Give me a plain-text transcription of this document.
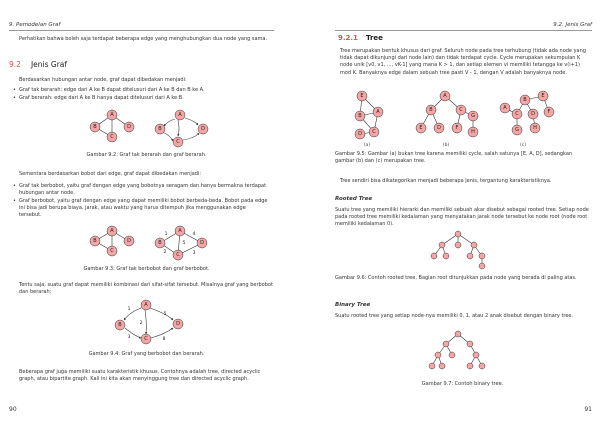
9. Pemodelan Graf
Perhatikan bahwa boleh saja terdapat beberapa edge yang menghubungkan dua node yang sama.
9.2 Jenis Graf
Berdasarkan hubungan antar node, graf dapat dibedakan menjadi:
• Graf tak berarah: edge dari A ke B dapat ditelusuri dari A ke B dan B ke A.
• Graf berarah: edge dari A ke B hanya dapat ditelusuri dari A ke B.
A
B
C
D
A
B
C
D
Gambar 9.2: Graf tak berarah dan graf berarah.
Sementara berdasarkan bobot dari edge, graf dapat dibedakan menjadi:
• Graf tak berbobot, yaitu graf dengan edge yang bobotnya seragam dan hanya bermakna terdapat hubungan antar node.
• Graf berbobot, yaitu graf dengan edge yang dapat memiliki bobot berbeda-beda. Bobot pada edge ini bisa jadi berupa biaya, jarak, atau waktu yang harus ditempuh jika menggunakan edge tersebut.
A
B
C
D
1	4
5
3
2
A
B
C
D
Gambar 9.3: Graf tak berbobot dan graf berbobot.
Tentu saja, suatu graf dapat memiliki kombinasi dari sifat-sifat tersebut. Misalnya graf yang berbobot dan berarah:
1
3
2
5
8
A
B
C
D
Gambar 9.4: Graf yang berbobot dan berarah.
Beberapa graf juga memiliki suatu karakteristik khusus. Contohnya adalah tree, directed acyclic graph, atau bipartite graph. Kali ini kita akan menyinggung tree dan directed acyclic graph.
90
9.2. Jenis Graf
9.2.1 Tree
Tree merupakan bentuk khusus dari graf. Seluruh node pada tree terhubung (tidak ada node yang tidak dapat dikunjungi dari node lain) dan tidak terdapat cycle. Cycle merupakan sekumpulan K node unik [v0, v1, ..., vK-1] yang mana K > 1, dan setiap elemen vi memiliki tetangga ke v(i+1) mod K. Banyaknya edge dalam sebuah tree pasti V - 1, dengan V adalah banyaknya node.
E
A
B
C
D
(a)
A
B	C
E	D	F
G
H
(b)
A
B
C D
E
F
G	H
(c)
Gambar 9.5: Gambar (a) bukan tree karena memiliki cycle, salah satunya [E, A, D], sedangkan gambar (b) dan (c) merupakan tree.
Tree sendiri bisa dikategorikan menjadi beberapa jenis, tergantung karakteristiknya.
Rooted Tree
Suatu tree yang memiliki hierarki dan memiliki sebuah akar disebut sebagai rooted tree. Setiap node pada rooted tree memiliki kedalaman yang menyatakan jarak node tersebut ke node root (node root memiliki kedalaman 0).
Gambar 9.6: Contoh rooted tree. Bagian root ditunjukkan pada node yang berada di paling atas.
Binary Tree
Suatu rooted tree yang setiap node-nya memiliki 0, 1, atau 2 anak disebut dengan binary tree.
Gambar 9.7: Contoh binary tree.
91
